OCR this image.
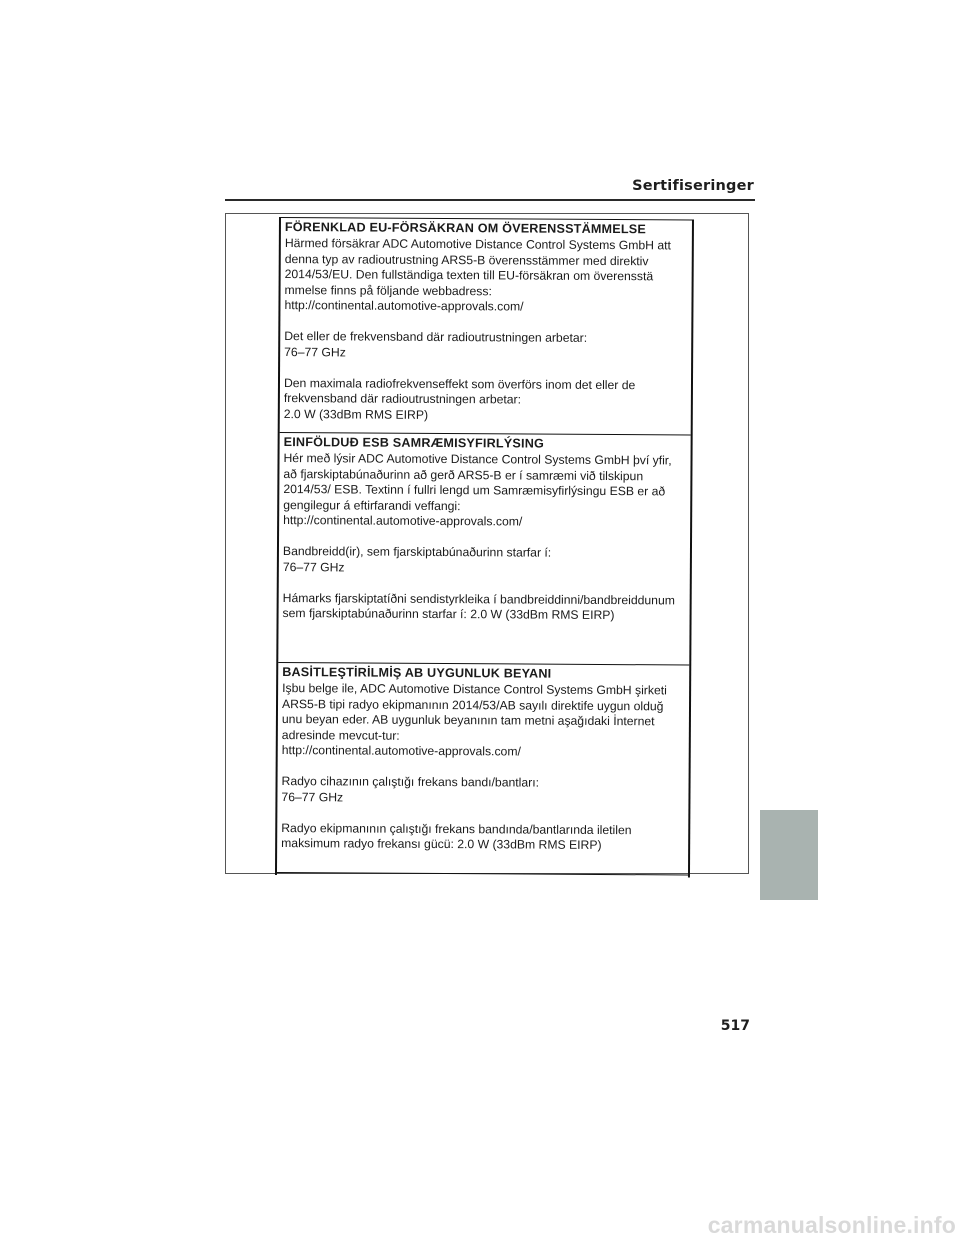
Sertifiseringer
FÖRENKLAD EU-FÖRSÄKRAN OM ÖVERENSSTÄMMELSE
Härmed försäkrar ADC Automotive Distance Control Systems GmbH att
denna typ av radioutrustning ARS5-B överensstämmer med direktiv
2014/53/EU. Den fullständiga texten till EU-försäkran om överensstä
mmelse finns på följande webbadress:
http://continental.automotive-approvals.com/
Det eller de frekvensband där radioutrustningen arbetar:
76–77 GHz
Den maximala radiofrekvenseffekt som överförs inom det eller de
frekvensband där radioutrustningen arbetar:
2.0 W (33dBm RMS EIRP)
EINFÖLDUÐ ESB SAMRÆMISYFIRLÝSING
Hér með lýsir ADC Automotive Distance Control Systems GmbH því yfir,
að fjarskiptabúnaðurinn að gerð ARS5-B er í samræmi við tilskipun
2014/53/ ESB. Textinn í fullri lengd um Samræmisyfirlýsingu ESB er að
gengilegur á eftirfarandi veffangi:
http://continental.automotive-approvals.com/
Bandbreidd(ir), sem fjarskiptabúnaðurinn starfar í:
76–77 GHz
Hámarks fjarskiptatíðni sendistyrkleika í bandbreiddinni/bandbreiddunum
sem fjarskiptabúnaðurinn starfar í: 2.0 W (33dBm RMS EIRP)
BASİTLEŞTİRİLMİŞ AB UYGUNLUK BEYANI
Işbu belge ile, ADC Automotive Distance Control Systems GmbH şirketi
ARS5-B tipi radyo ekipmanının 2014/53/AB sayılı direktife uygun olduğ
unu beyan eder. AB uygunluk beyanının tam metni aşağıdaki İnternet
adresinde mevcut-tur:
http://continental.automotive-approvals.com/
Radyo cihazının çalıştığı frekans bandı/bantları:
76–77 GHz
Radyo ekipmanının çalıştığı frekans bandında/bantlarında iletilen
maksimum radyo frekansı gücü: 2.0 W (33dBm RMS EIRP)
517
carmanualsonline.info
